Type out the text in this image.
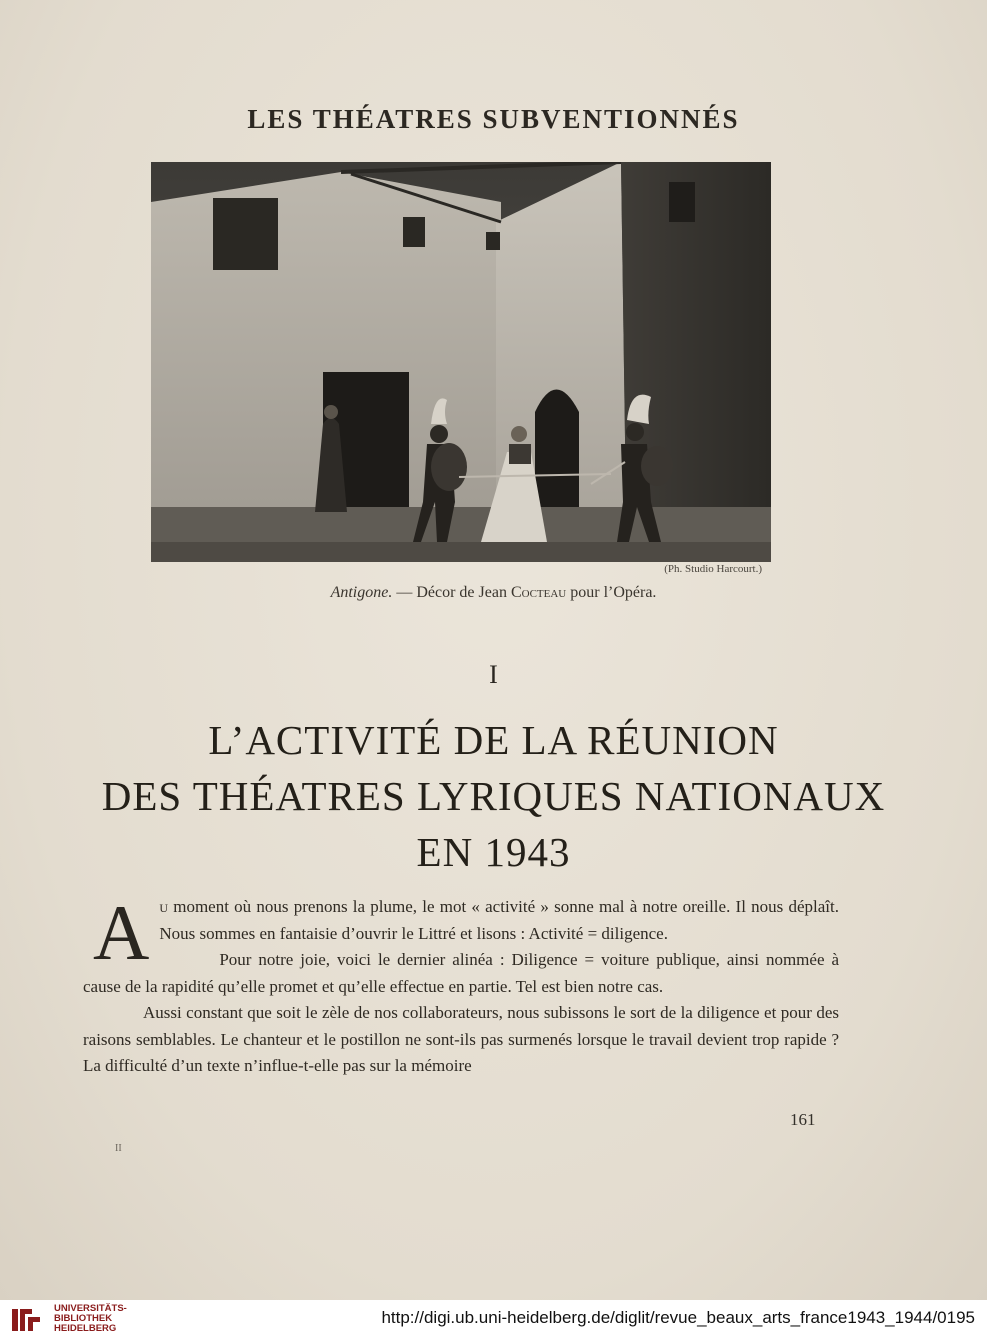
LES THÉATRES SUBVENTIONNÉS
(Ph. Studio Harcourt.)
Antigone. — Décor de Jean Cocteau pour l’Opéra.
I
L’ACTIVITÉ DE LA RÉUNION
DES THÉATRES LYRIQUES NATIONAUX
EN 1943

Au moment où nous prenons la plume, le mot « activité » sonne mal à notre oreille. Il nous déplaît. Nous sommes en fantaisie d’ouvrir le Littré et lisons : Activité = diligence.

Pour notre joie, voici le dernier alinéa : Diligence = voiture publique, ainsi nommée à cause de la rapidité qu’elle promet et qu’elle effectue en partie. Tel est bien notre cas.

Aussi constant que soit le zèle de nos collaborateurs, nous subissons le sort de la diligence et pour des raisons semblables. Le chanteur et le postillon ne sont-ils pas surmenés lorsque le travail devient trop rapide ? La difficulté d’un texte n’influe-t-elle pas sur la mémoire

161
II
UNIVERSITÄTS-
BIBLIOTHEK
HEIDELBERG
http://digi.ub.uni-heidelberg.de/diglit/revue_beaux_arts_france1943_1944/0195
